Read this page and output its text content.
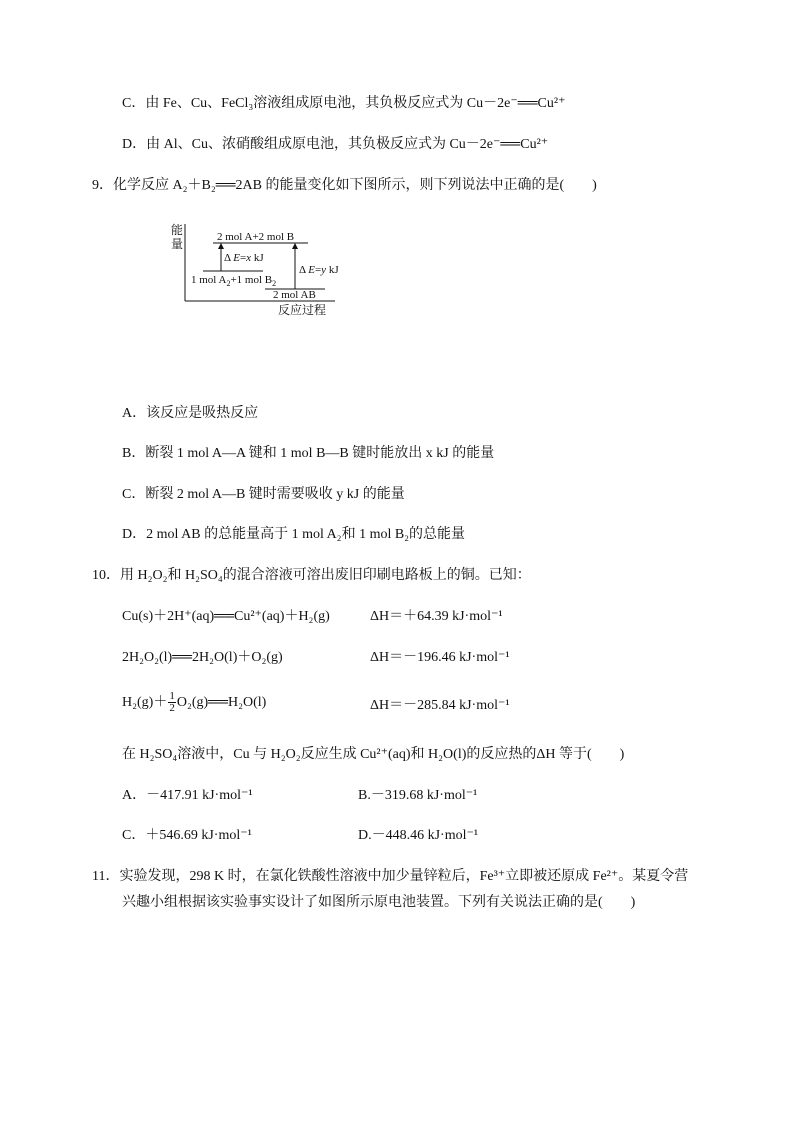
C．由 Fe、Cu、FeCl₃溶液组成原电池，其负极反应式为 Cu－2e⁻══Cu²⁺
D．由 Al、Cu、浓硝酸组成原电池，其负极反应式为 Cu－2e⁻══Cu²⁺
9．化学反应 A₂＋B₂══2AB 的能量变化如下图所示，则下列说法中正确的是(　　)
能
量
反应过程
2 mol A+2 mol B
1 mol $A_2+1$ mol $B_2$
2 mol AB
Δ E=x kJ
Δ E=y kJ
A．该反应是吸热反应
B．断裂 1 mol A—A 键和 1 mol B—B 键时能放出 x kJ 的能量
C．断裂 2 mol A—B 键时需要吸收 y kJ 的能量
D．2 mol AB 的总能量高于 1 mol A₂和 1 mol B₂的总能量
10．用 H₂O₂和 H₂SO₄的混合溶液可溶出废旧印刷电路板上的铜。已知：
Cu(s)＋2H⁺(aq)══Cu²⁺(aq)＋H₂(g)	ΔH＝＋64.39 kJ·mol⁻¹
2H₂O₂(l)══2H₂O(l)＋O₂(g)	ΔH＝－196.46 kJ·mol⁻¹
$H_2(g)+ \frac{1}{2}$ O₂(g)══H₂O(l)	ΔH＝－285.84 kJ·mol⁻¹
在 H₂SO₄溶液中，Cu 与 H₂O₂反应生成 Cu²⁺(aq)和 H₂O(l)的反应热的ΔH 等于(　　)
A．－417.91 kJ·mol⁻¹	B.－319.68 kJ·mol⁻¹
C．＋546.69 kJ·mol⁻¹	D.－448.46 kJ·mol⁻¹
11．实验发现，298 K 时，在氯化铁酸性溶液中加少量锌粒后，Fe³⁺立即被还原成 Fe²⁺。某夏令营
兴趣小组根据该实验事实设计了如图所示原电池装置。下列有关说法正确的是(　　)
